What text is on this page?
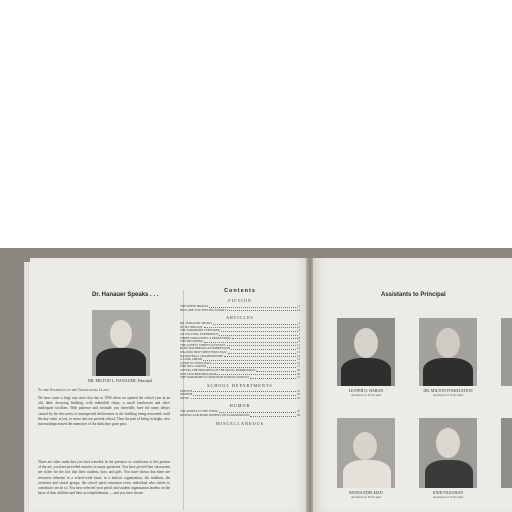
Dr. Hanauer Speaks . . .
DR. MILTON L. HANAUER, Principal
To the Students of the Graduating Class:
We have come a long way since that day in 1956 when we opened the school year in an old, dark, decaying building, with makeshift shops, a small lunchroom and other inadequate facilities. With patience and fortitude you cheerfully bore the many delays caused by the discovery of unsuspected deficiencies in the building being renovated, until the day came, at last, to move into our present school. Then the past of being in bright, new surroundings erased the memories of the dark days gone past.
There are other roads that you have traveled. In the presence or conclusion to this portion of the art, you have provided answers to many questions. You have proved that classrooms are richer for the fact that their students, boys and girls. You have shown that there are resources inherent in a school-wide basis, in a holistic organization, the tradition, the orchestra and choral groups, the school spirit; extension every individual who strives to contribute can do so. You have selected your petrol and student organization leaders on the basis of their abilities and their accomplishments — and you have shown
Contents
FICTION
THE WHITE BROOM	3
HOW ARE YOU FEELING TODAY?	4
ARTICLES
DR. HANAUER SPEAKS	2
OF MY DREAMS	5
THE WARDROBE TEENAGER	6
AN EXCITING EXPERIENCE	7
THREE VARIATIONS: A PROSE POEM	8
THE BEGINNING	9
THE LONELY STREET: AN ESSAY	11
BLUE DAYDREAM: AN IMPRESSION	12
WAGNER HOW WHEN FIRST FALL	13
BASKETBALL CHAMPIONSHIP	14
A LOOK AHEAD	15
A TRIP TO TOWN HALL	16
THE OWL CORNER	17
TRYING THE PROGRESS OF THE MUSIC DEPARTMENT	19
OUR TEACHER PROGRAM	20
THE WARDROBE JUNIOR HIGH SCHOOL PATROLS	21
SCHOOL DEPARTMENTS
FRENCH	23
SPANISH	24
MUSIC	25
HUMOR
THE RIDDLE IN THE THING	27
BONERS AND MORE BONERS ON EXAMINATIONS	28
MISCELLANEOUS
Assistants to Principal
LESTER O. BARON
Assistant to Principal
DR. MILTON FINKELSTEIN
Assistant to Principal
SENNA EDELMAN
Assistant to Principal
ENID VAUGHAN
Assistant to Principal
